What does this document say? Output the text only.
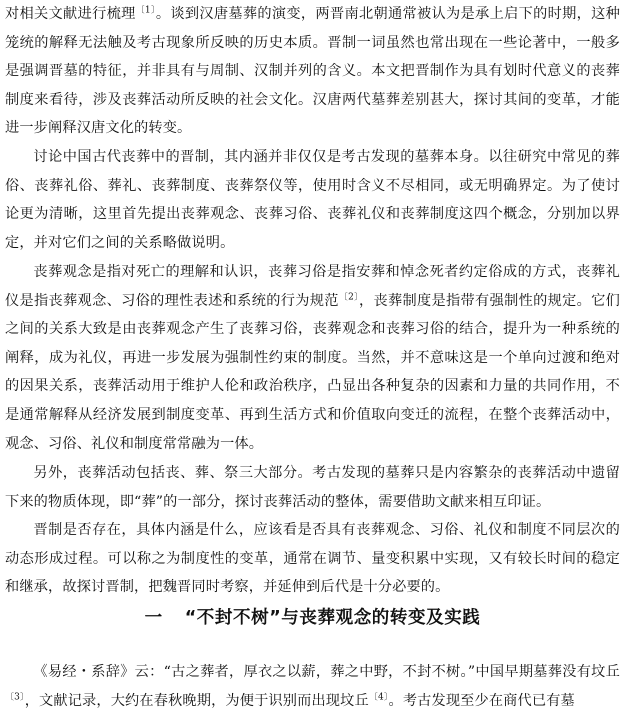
对相关文献进行梳理$^{〔1〕}$。谈到汉唐墓葬的演变，两晋南北朝通常被认为是承上启下的时期，这种笼统的解释无法触及考古现象所反映的历史本质。晋制一词虽然也常出现在一些论著中，一般多是强调晋墓的特征，并非具有与周制、汉制并列的含义。本文把晋制作为具有划时代意义的丧葬制度来看待，涉及丧葬活动所反映的社会文化。汉唐两代墓葬差别甚大，探讨其间的变革，才能进一步阐释汉唐文化的转变。

讨论中国古代丧葬中的晋制，其内涵并非仅仅是考古发现的墓葬本身。以往研究中常见的葬俗、丧葬礼俗、葬礼、丧葬制度、丧葬祭仪等，使用时含义不尽相同，或无明确界定。为了使讨论更为清晰，这里首先提出丧葬观念、丧葬习俗、丧葬礼仪和丧葬制度这四个概念，分别加以界定，并对它们之间的关系略做说明。

丧葬观念是指对死亡的理解和认识，丧葬习俗是指安葬和悼念死者约定俗成的方式，丧葬礼仪是指丧葬观念、习俗的理性表述和系统的行为规范$^{〔2〕}$，丧葬制度是指带有强制性的规定。它们之间的关系大致是由丧葬观念产生了丧葬习俗，丧葬观念和丧葬习俗的结合，提升为一种系统的阐释，成为礼仪，再进一步发展为强制性约束的制度。当然，并不意味这是一个单向过渡和绝对的因果关系，丧葬活动用于维护人伦和政治秩序，凸显出各种复杂的因素和力量的共同作用，不是通常解释从经济发展到制度变革、再到生活方式和价值取向变迁的流程，在整个丧葬活动中，观念、习俗、礼仪和制度常常融为一体。

另外，丧葬活动包括丧、葬、祭三大部分。考古发现的墓葬只是内容繁杂的丧葬活动中遗留下来的物质体现，即“葬”的一部分，探讨丧葬活动的整体，需要借助文献来相互印证。

晋制是否存在，具体内涵是什么，应该看是否具有丧葬观念、习俗、礼仪和制度不同层次的动态形成过程。可以称之为制度性的变革，通常在调节、量变积累中实现，又有较长时间的稳定和继承，故探讨晋制，把魏晋同时考察，并延伸到后代是十分必要的。

一 “不封不树”与丧葬观念的转变及实践

《易经・系辞》云：“古之葬者，厚衣之以薪，葬之中野，不封不树。”中国早期墓葬没有坟丘$^{〔3〕}$，文献记录，大约在春秋晚期，为便于识别而出现坟丘$^{〔4〕}$。考古发现至少在商代已有墓
